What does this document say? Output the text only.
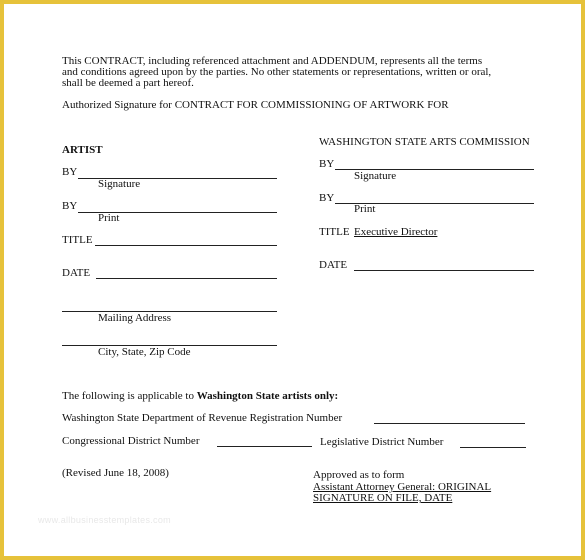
This CONTRACT, including referenced attachment and ADDENDUM, represents all the terms
and conditions agreed upon by the parties. No other statements or representations, written or oral,
shall be deemed a part hereof.
Authorized Signature for CONTRACT FOR COMMISSIONING OF ARTWORK FOR
WASHINGTON STATE ARTS COMMISSION
BY
Signature
BY
Print
TITLE Executive Director
DATE
ARTIST
BY
Signature
BY
Print
TITLE
DATE
Mailing Address
City, State, Zip Code
The following is applicable to Washington State artists only:
Washington State Department of Revenue Registration Number
Congressional District Number	Legislative District Number
(Revised June 18, 2008)	Approved as to form
Assistant Attorney General: ORIGINAL
SIGNATURE ON FILE, DATE
www.allbusinesstemplates.com
